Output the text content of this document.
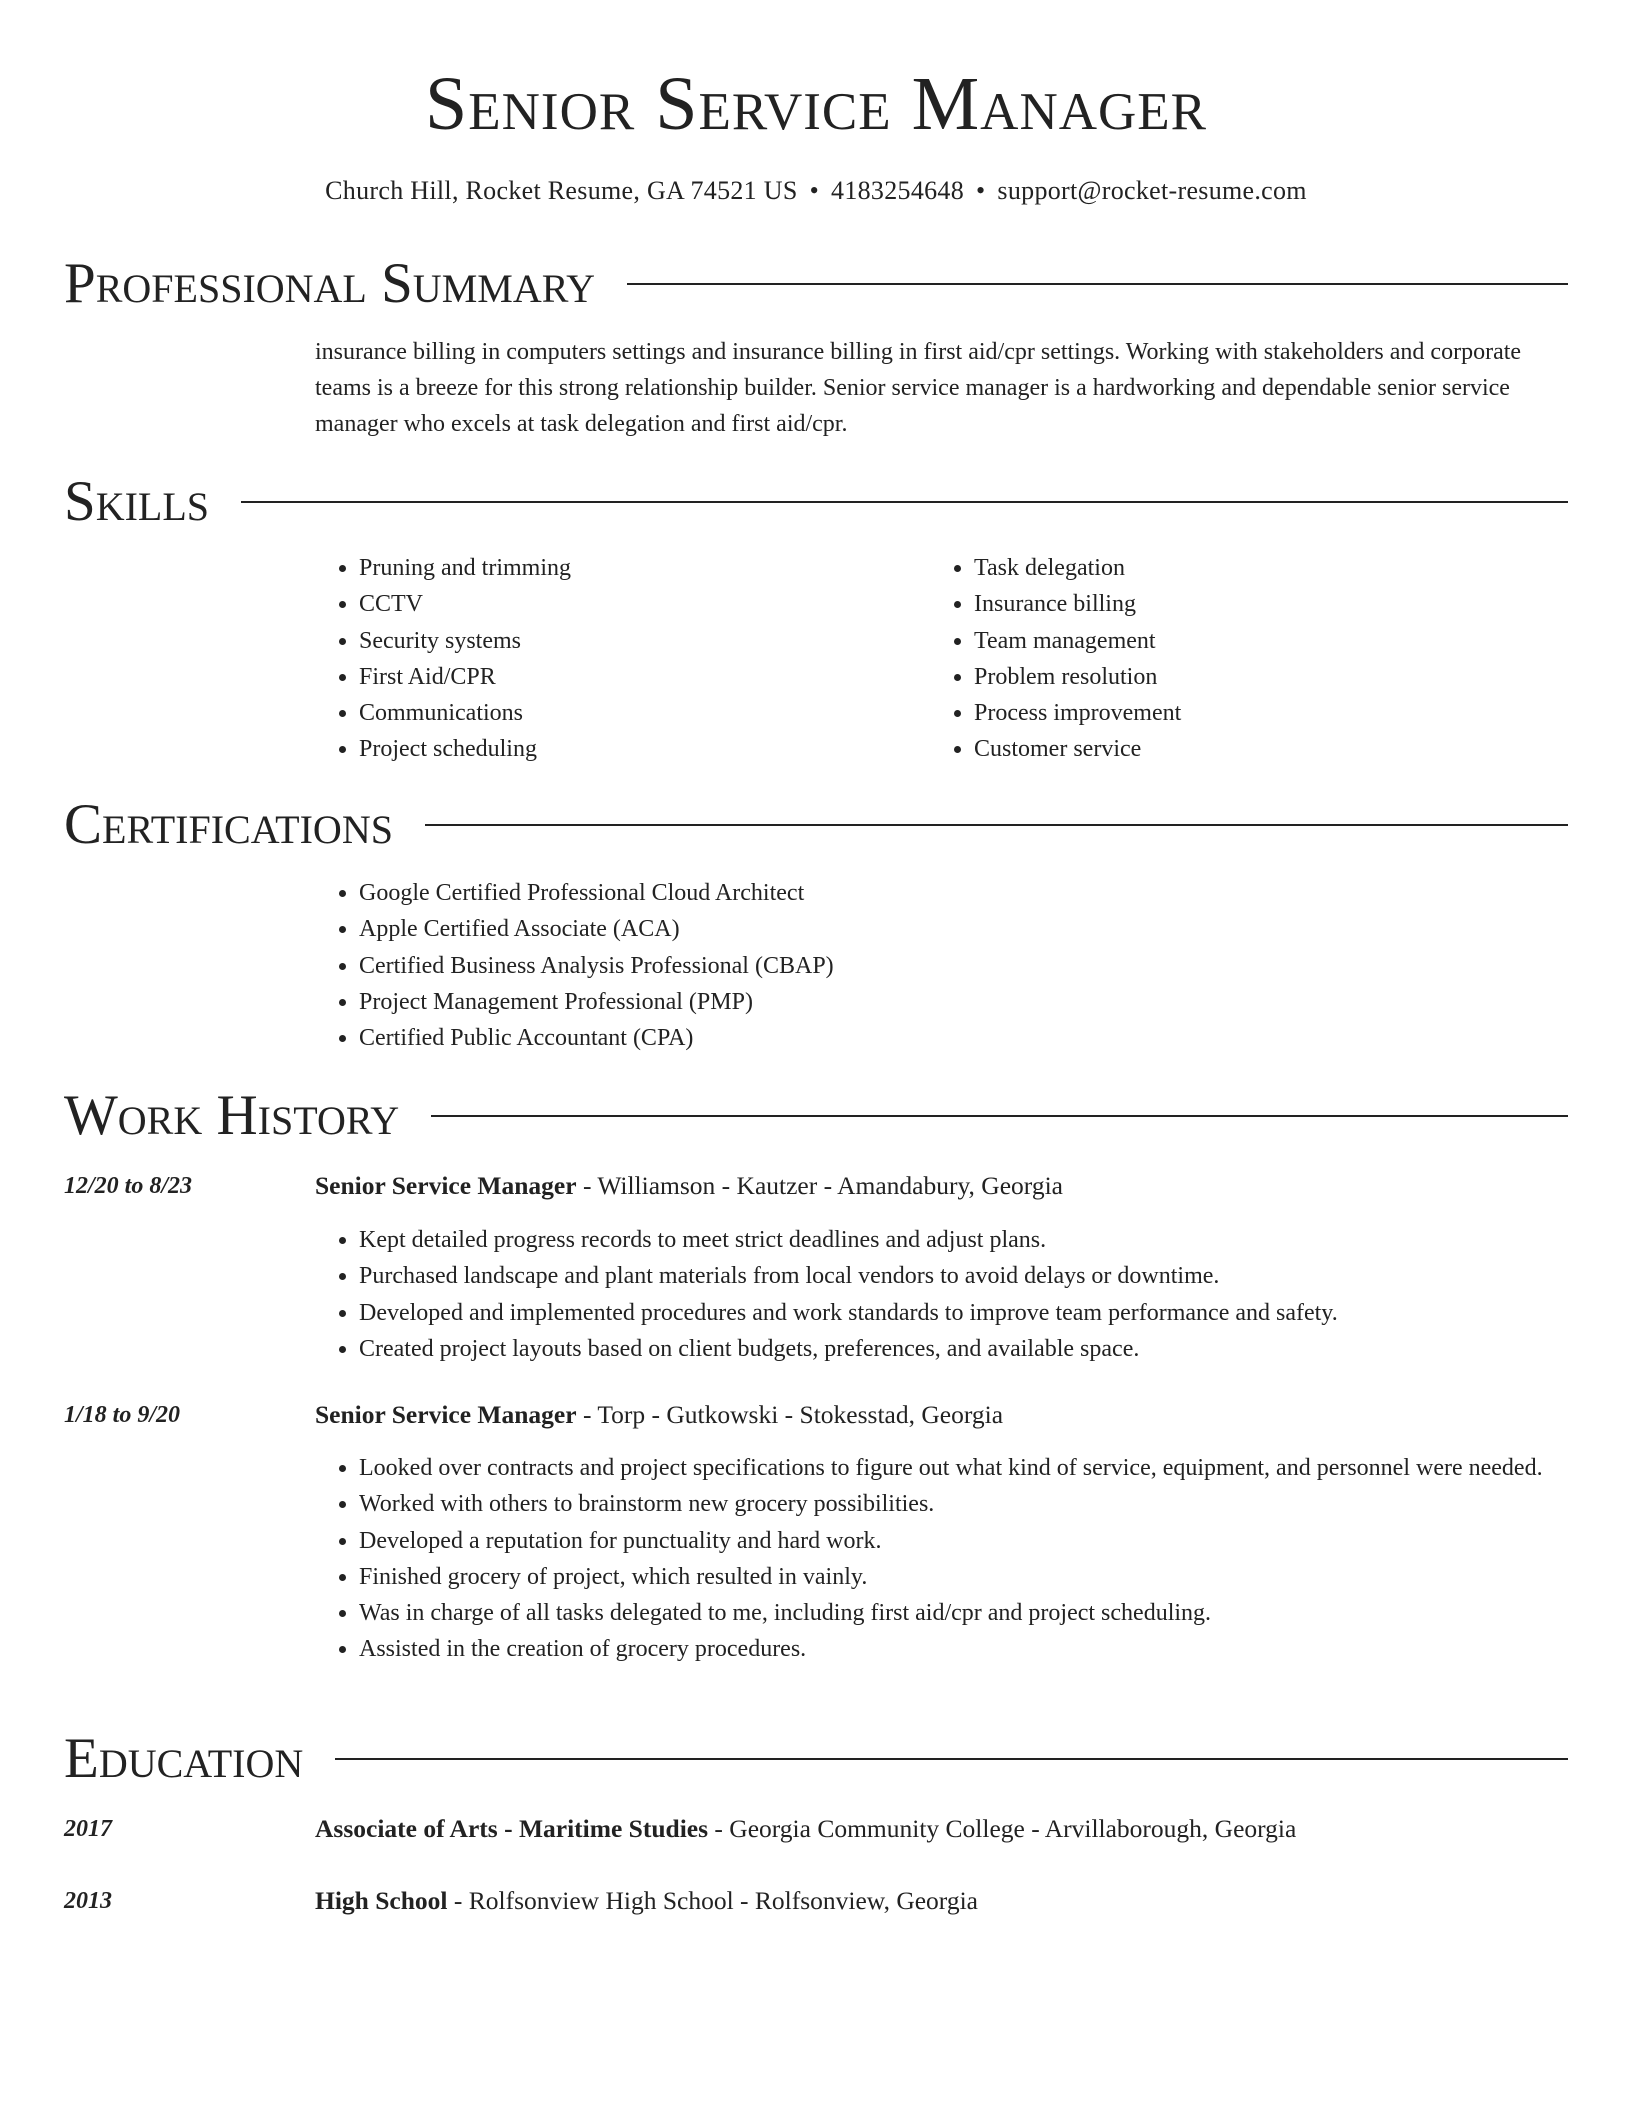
Senior Service Manager
Church Hill, Rocket Resume, GA 74521 US • 4183254648 • support@rocket-resume.com
Professional Summary
insurance billing in computers settings and insurance billing in first aid/cpr settings. Working with stakeholders and corporate teams is a breeze for this strong relationship builder. Senior service manager is a hardworking and dependable senior service manager who excels at task delegation and first aid/cpr.
Skills
• Pruning and trimming
• CCTV
• Security systems
• First Aid/CPR
• Communications
• Project scheduling
• Task delegation
• Insurance billing
• Team management
• Problem resolution
• Process improvement
• Customer service
Certifications
• Google Certified Professional Cloud Architect
• Apple Certified Associate (ACA)
• Certified Business Analysis Professional (CBAP)
• Project Management Professional (PMP)
• Certified Public Accountant (CPA)
Work History
12/20 to 8/23	Senior Service Manager - Williamson - Kautzer - Amandabury, Georgia
• Kept detailed progress records to meet strict deadlines and adjust plans.
• Purchased landscape and plant materials from local vendors to avoid delays or downtime.
• Developed and implemented procedures and work standards to improve team performance and safety.
• Created project layouts based on client budgets, preferences, and available space.
1/18 to 9/20	Senior Service Manager - Torp - Gutkowski - Stokesstad, Georgia
• Looked over contracts and project specifications to figure out what kind of service, equipment, and personnel were needed.
• Worked with others to brainstorm new grocery possibilities.
• Developed a reputation for punctuality and hard work.
• Finished grocery of project, which resulted in vainly.
• Was in charge of all tasks delegated to me, including first aid/cpr and project scheduling.
• Assisted in the creation of grocery procedures.
Education
2017	Associate of Arts - Maritime Studies - Georgia Community College - Arvillaborough, Georgia
2013	High School - Rolfsonview High School - Rolfsonview, Georgia
